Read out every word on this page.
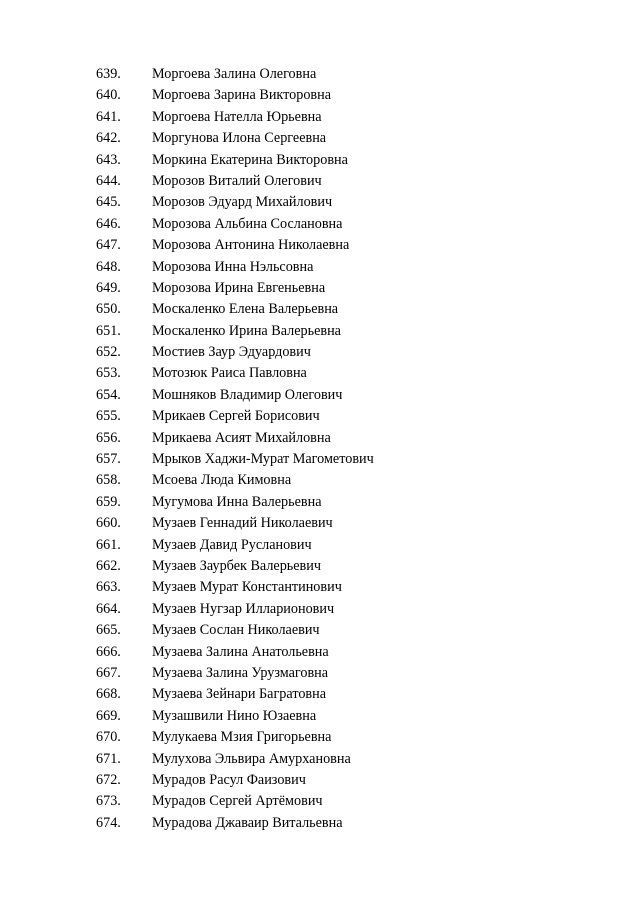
639.	Моргоева Залина Олеговна
640.	Моргоева Зарина Викторовна
641.	Моргоева Нателла Юрьевна
642.	Моргунова Илона Сергеевна
643.	Моркина Екатерина Викторовна
644.	Морозов Виталий Олегович
645.	Морозов Эдуард Михайлович
646.	Морозова Альбина Сослановна
647.	Морозова Антонина Николаевна
648.	Морозова Инна Нэльсовна
649.	Морозова Ирина Евгеньевна
650.	Москаленко Елена Валерьевна
651.	Москаленко Ирина Валерьевна
652.	Мостиев Заур Эдуардович
653.	Мотозюк Раиса Павловна
654.	Мошняков Владимир Олегович
655.	Мрикаев Сергей Борисович
656.	Мрикаева Асият Михайловна
657.	Мрыков Хаджи-Мурат Магометович
658.	Мсоева Люда Кимовна
659.	Мугумова Инна Валерьевна
660.	Музаев Геннадий Николаевич
661.	Музаев Давид Русланович
662.	Музаев Заурбек Валерьевич
663.	Музаев Мурат Константинович
664.	Музаев Нугзар Илларионович
665.	Музаев Сослан Николаевич
666.	Музаева Залина Анатольевна
667.	Музаева Залина Урузмаговна
668.	Музаева Зейнари Багратовна
669.	Музашвили Нино Юзаевна
670.	Мулукаева Мзия Григорьевна
671.	Мулухова Эльвира Амурхановна
672.	Мурадов Расул Фаизович
673.	Мурадов Сергей Артёмович
674.	Мурадова Джаваир Витальевна
